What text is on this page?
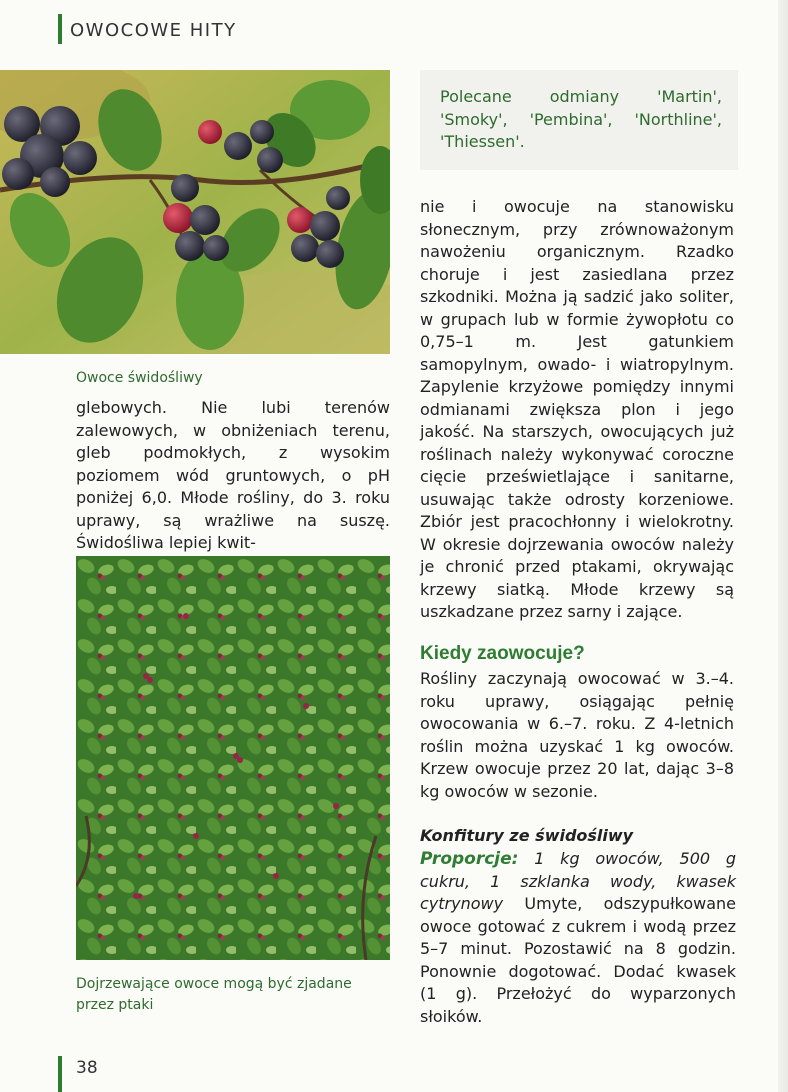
OWOCOWE HITY
Owoce świdośliwy
glebowych. Nie lubi terenów zalewowych, w obniżeniach terenu, gleb podmokłych, z wysokim poziomem wód gruntowych, o pH poniżej 6,0. Młode rośliny, do 3. roku uprawy, są wrażliwe na suszę. Świdośliwa lepiej kwit-
Dojrzewające owoce mogą być zjadane przez ptaki
Polecane odmiany 'Martin', 'Smoky', 'Pembina', 'Northline', 'Thiessen'.
nie i owocuje na stanowisku słonecznym, przy zrównoważonym nawożeniu organicznym. Rzadko choruje i jest zasiedlana przez szkodniki. Można ją sadzić jako soliter, w grupach lub w formie żywopłotu co 0,75–1 m. Jest gatunkiem samopylnym, owado- i wiatropylnym. Zapylenie krzyżowe pomiędzy innymi odmianami zwiększa plon i jego jakość. Na starszych, owocujących już roślinach należy wykonywać coroczne cięcie prześwietlające i sanitarne, usuwając także odrosty korzeniowe. Zbiór jest pracochłonny i wielokrotny. W okresie dojrzewania owoców należy je chronić przed ptakami, okrywając krzewy siatką. Młode krzewy są uszkadzane przez sarny i zające.
Kiedy zaowocuje?
Rośliny zaczynają owocować w 3.–4. roku uprawy, osiągając pełnię owocowania w 6.–7. roku. Z 4-letnich roślin można uzyskać 1 kg owoców. Krzew owocuje przez 20 lat, dając 3–8 kg owoców w sezonie.
Konfitury ze świdośliwy
Proporcje: 1 kg owoców, 500 g cukru, 1 szklanka wody, kwasek cytrynowy Umyte, odszypułkowane owoce gotować z cukrem i wodą przez 5–7 minut. Pozostawić na 8 godzin. Ponownie dogotować. Dodać kwasek (1 g). Przełożyć do wyparzonych słoików.
38
